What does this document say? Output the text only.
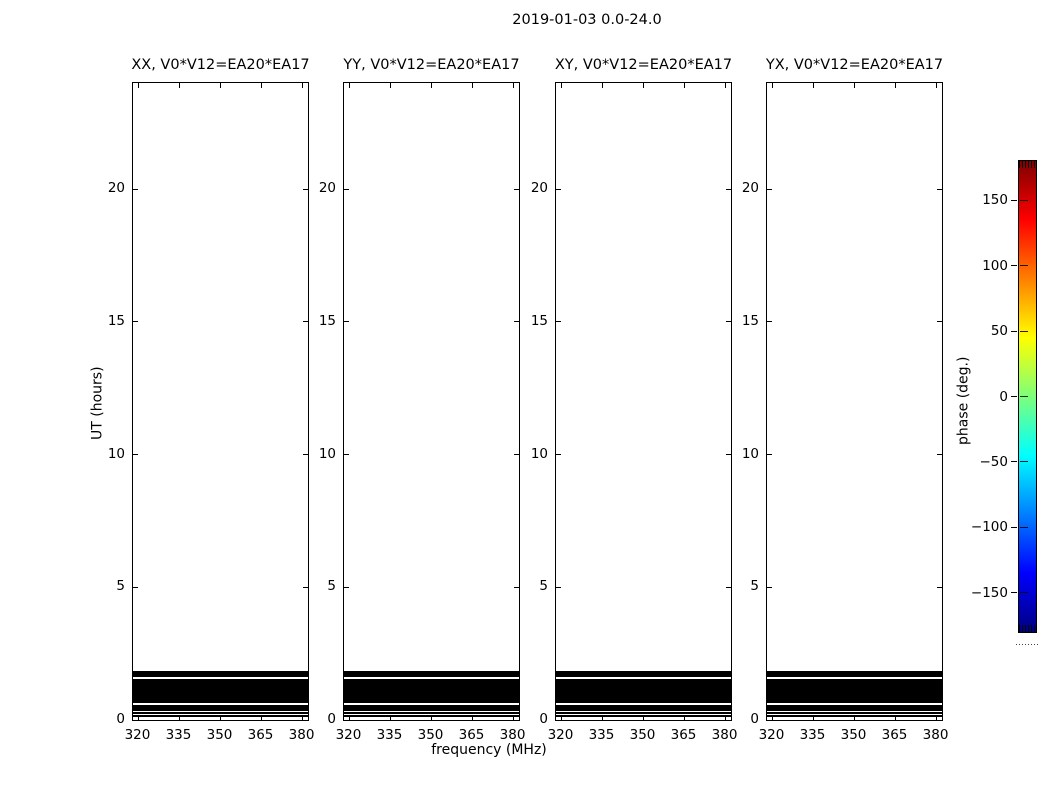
2019-01-03 0.0-24.0
UT (hours)
frequency (MHz)
XX, V0*V12=EA20*EA17
320	335	350	365	380
0
5
10
15
20
YY, V0*V12=EA20*EA17
320	335	350	365	380
0
5
10
15
20
XY, V0*V12=EA20*EA17
320	335	350	365	380
0
5
10
15
20
YX, V0*V12=EA20*EA17
320	335	350	365	380
0
5
10
15
20
150
100
50
0
−50
−100
−150
phase (deg.)
